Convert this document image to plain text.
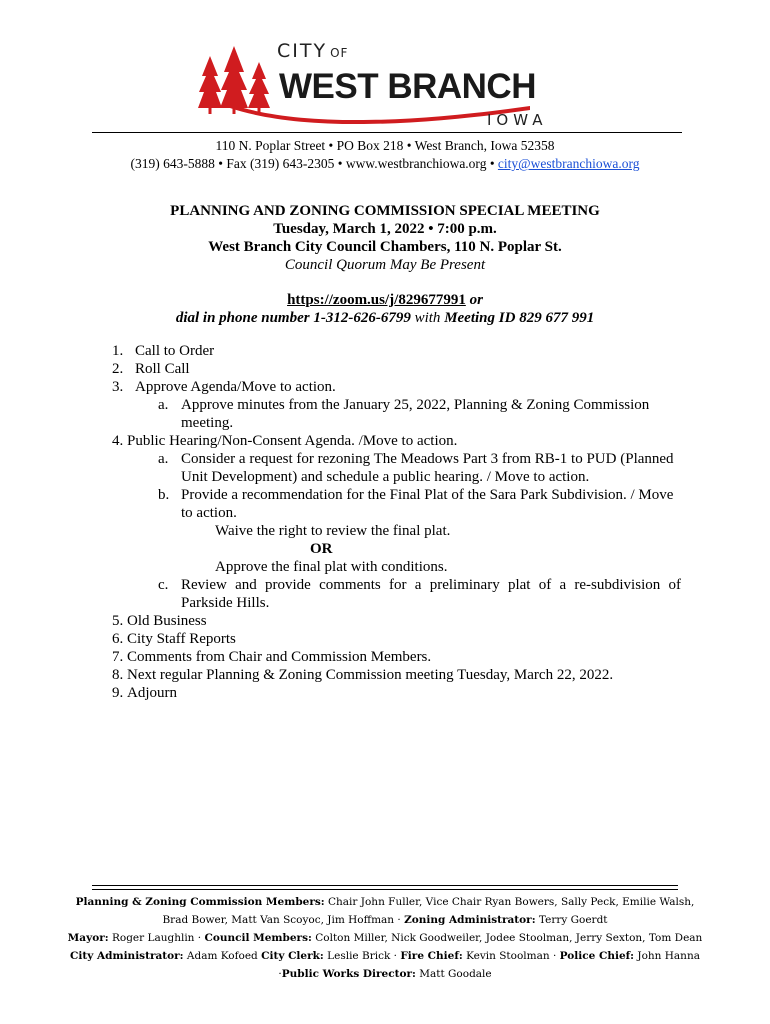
CITY OF
WEST BRANCH
IOWA
110 N. Poplar Street • PO Box 218 • West Branch, Iowa 52358
(319) 643-5888 • Fax (319) 643-2305 • www.westbranchiowa.org • city@westbranchiowa.org
PLANNING AND ZONING COMMISSION SPECIAL MEETING
Tuesday, March 1, 2022 • 7:00 p.m.
West Branch City Council Chambers, 110 N. Poplar St.
Council Quorum May Be Present
https://zoom.us/j/829677991 or
dial in phone number 1-312-626-6799 with Meeting ID 829 677 991
1. Call to Order
2. Roll Call
3. Approve Agenda/Move to action.
a. Approve minutes from the January 25, 2022, Planning & Zoning Commission
meeting.
4. Public Hearing/Non-Consent Agenda. /Move to action.
a. Consider a request for rezoning The Meadows Part 3 from RB-1 to PUD (Planned
Unit Development) and schedule a public hearing. / Move to action.
b. Provide a recommendation for the Final Plat of the Sara Park Subdivision. / Move
to action.
Waive the right to review the final plat.
OR
Approve the final plat with conditions.
c. Review and provide comments for a preliminary plat of a re-subdivision of
Parkside Hills.
5. Old Business
6. City Staff Reports
7. Comments from Chair and Commission Members.
8. Next regular Planning & Zoning Commission meeting Tuesday, March 22, 2022.
9. Adjourn
Planning & Zoning Commission Members: Chair John Fuller, Vice Chair Ryan Bowers, Sally Peck, Emilie Walsh,
Brad Bower, Matt Van Scoyoc, Jim Hoffman · Zoning Administrator: Terry Goerdt
Mayor: Roger Laughlin · Council Members: Colton Miller, Nick Goodweiler, Jodee Stoolman, Jerry Sexton, Tom Dean
City Administrator: Adam Kofoed City Clerk: Leslie Brick · Fire Chief: Kevin Stoolman · Police Chief: John Hanna
·Public Works Director: Matt Goodale
